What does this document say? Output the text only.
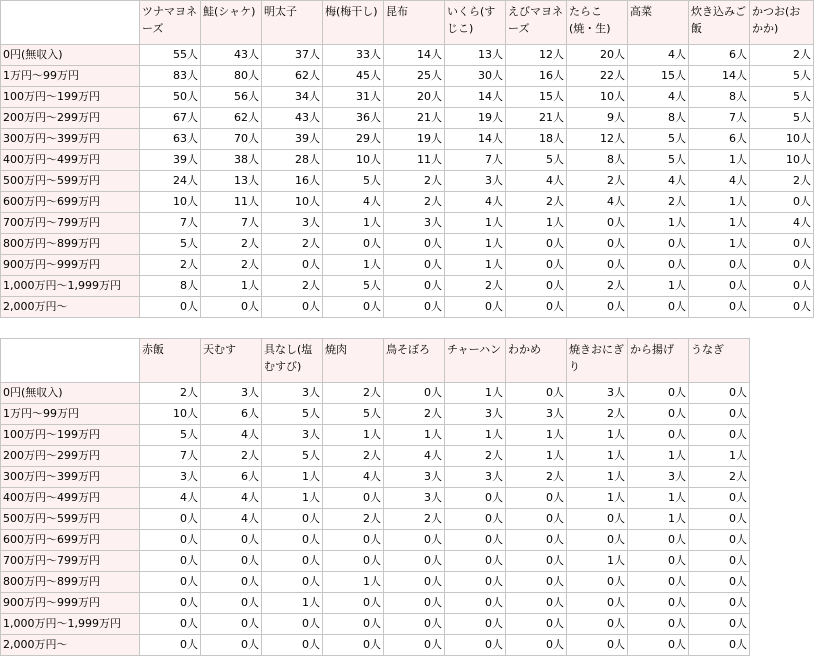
	ツナマヨネーズ	鮭(シャケ)	明太子	梅(梅干し)	昆布	いくら(すじこ)	えびマヨネーズ	たらこ(焼・生)	高菜	炊き込みご飯	かつお(おかか)
0円(無収入)	55人	43人	37人	33人	14人	13人	12人	20人	4人	6人	2人
1万円～99万円	83人	80人	62人	45人	25人	30人	16人	22人	15人	14人	5人
100万円～199万円	50人	56人	34人	31人	20人	14人	15人	10人	4人	8人	5人
200万円～299万円	67人	62人	43人	36人	21人	19人	21人	9人	8人	7人	5人
300万円～399万円	63人	70人	39人	29人	19人	14人	18人	12人	5人	6人	10人
400万円～499万円	39人	38人	28人	10人	11人	7人	5人	8人	5人	1人	10人
500万円～599万円	24人	13人	16人	5人	2人	3人	4人	2人	4人	4人	2人
600万円～699万円	10人	11人	10人	4人	2人	4人	2人	4人	2人	1人	0人
700万円～799万円	7人	7人	3人	1人	3人	1人	1人	0人	1人	1人	4人
800万円～899万円	5人	2人	2人	0人	0人	1人	0人	0人	0人	1人	0人
900万円～999万円	2人	2人	0人	1人	0人	1人	0人	0人	0人	0人	0人
1,000万円～1,999万円	8人	1人	2人	5人	0人	2人	0人	2人	1人	0人	0人
2,000万円～	0人	0人	0人	0人	0人	0人	0人	0人	0人	0人	0人
	赤飯	天むす	具なし(塩むすび)	焼肉	鳥そぼろ	チャーハン	わかめ	焼きおにぎり	から揚げ	うなぎ
0円(無収入)	2人	3人	3人	2人	0人	1人	0人	3人	0人	0人
1万円～99万円	10人	6人	5人	5人	2人	3人	3人	2人	0人	0人
100万円～199万円	5人	4人	3人	1人	1人	1人	1人	1人	0人	0人
200万円～299万円	7人	2人	5人	2人	4人	2人	1人	1人	1人	1人
300万円～399万円	3人	6人	1人	4人	3人	3人	2人	1人	3人	2人
400万円～499万円	4人	4人	1人	0人	3人	0人	0人	1人	1人	0人
500万円～599万円	0人	4人	0人	2人	2人	0人	0人	0人	1人	0人
600万円～699万円	0人	0人	0人	0人	0人	0人	0人	0人	0人	0人
700万円～799万円	0人	0人	0人	0人	0人	0人	0人	1人	0人	0人
800万円～899万円	0人	0人	0人	1人	0人	0人	0人	0人	0人	0人
900万円～999万円	0人	0人	1人	0人	0人	0人	0人	0人	0人	0人
1,000万円～1,999万円	0人	0人	0人	0人	0人	0人	0人	0人	0人	0人
2,000万円～	0人	0人	0人	0人	0人	0人	0人	0人	0人	0人
